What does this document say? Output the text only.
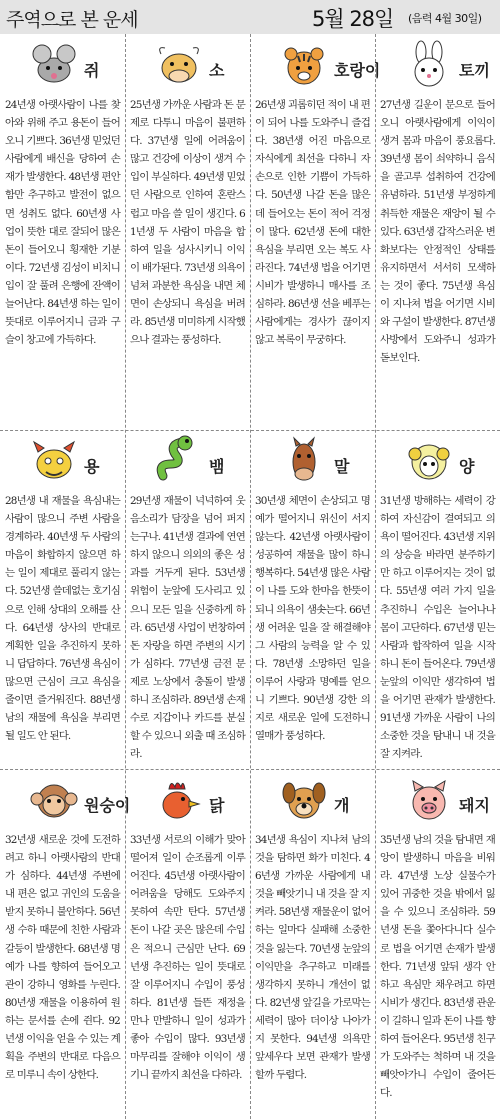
주역으로 본 운세	5월 28일 (음력 4월 30일)
쥐

24년생 아랫사람이 나를 찾아와 위해 주고 용돈이 들어오니 기쁘다. 36년생 믿었던 사람에게 배신을 당하여 손재가 발생한다. 48년생 편안함만 추구하고 발전이 없으면 성취도 없다. 60년생 사업이 뜻한 대로 잘되어 많은 돈이 들어오니 횡재한 기분이다. 72년생 김성이 비치니 입이 잘 풀려 은행에 잔액이 늘어난다. 84년생 하는 일이 뜻대로 이루어지니 금과 구슬이 창고에 가득하다.

소

25년생 가까운 사람과 돈 문제로 다투니 마음이 불편하다. 37년생 일에 어려움이 많고 건강에 이상이 생겨 수입이 부실하다. 49년생 믿었던 사람으로 인하여 혼란스럽고 마음 쓸 일이 생긴다. 61년생 두 사람이 마음을 합하여 일을 성사시키니 이익이 배가된다. 73년생 의욕이 넘쳐 과분한 욕심을 내면 체면이 손상되니 욕심을 버려라. 85년생 미미하게 시작했으나 결과는 풍성하다.

호랑이

26년생 괴롭히던 적이 내 편이 되어 나를 도와주니 즐겁다. 38년생 어진 마음으로 자식에게 최선을 다하니 자손으로 인한 기쁨이 가득하다. 50년생 나갈 돈을 많은데 들어오는 돈이 적어 걱정이 많다. 62년생 돈에 대한 욕심을 부리면 오는 복도 사라진다. 74년생 법을 어기면 시비가 발생하니 매사를 조심하라. 86년생 선을 베푸는 사람에게는 경사가 끊이지 않고 복록이 무궁하다.

토끼

27년생 길운이 문으로 들어오니 아랫사람에게 이익이 생겨 몸과 마음이 풍요롭다. 39년생 몸이 쇠약하니 음식을 골고루 섭취하여 건강에 유념하라. 51년생 부정하게 취득한 재물은 재앙이 될 수 있다. 63년생 갑작스러운 변화보다는 안정적인 상태를 유지하면서 서서히 모색하는 것이 좋다. 75년생 욕심이 지나쳐 법을 어기면 시비와 구설이 발생한다. 87년생 사방에서 도와주니 성과가 돋보인다.

용

28년생 내 재물을 욕심내는 사람이 많으니 주변 사람을 경계하라. 40년생 두 사람의 마음이 화합하지 않으면 하는 일이 제대로 풀리지 않는다. 52년생 쓸데없는 호기심으로 인해 상대의 오해를 산다. 64년생 상사의 반대로 계획한 일을 추진하지 못하니 답답하다. 76년생 욕심이 많으면 근심이 크고 욕심을 줄이면 즐거워진다. 88년생 남의 재물에 욕심을 부리면 될 일도 안 된다.

뱀

29년생 재물이 넉넉하여 웃음소리가 담장을 넘어 퍼지는구나. 41년생 결과에 연연하지 않으니 의외의 좋은 성과를 거두게 된다. 53년생 위험이 눈앞에 도사리고 있으니 모든 일을 신중하게 하라. 65년생 사업이 번창하여 돈 자랑을 하면 주변의 시기가 심하다. 77년생 금전 문제로 노상에서 충돌이 발생하니 조심하라. 89년생 손재수로 지갑이나 카드를 분실할 수 있으니 외출 때 조심하라.

말

30년생 체면이 손상되고 명예가 떨어지니 위신이 서지 않는다. 42년생 아랫사람이 성공하여 재물을 많이 하니 행복하다. 54년생 많은 사람이 나를 도와 한마음 한뜻이 되니 의욕이 샘솟는다. 66년생 어려운 일을 잘 해결해야 그 사람의 능력을 알 수 있다. 78년생 소망하던 일을 이루어 사랑과 명예를 얻으니 기쁘다. 90년생 강한 의지로 새로운 일에 도전하니 열매가 풍성하다.

양

31년생 방해하는 세력이 강하여 자신감이 결여되고 의욕이 떨어진다. 43년생 지위의 상승을 바라면 분주하기만 하고 이루어지는 것이 없다. 55년생 여러 가지 일을 추진하니 수입은 늘어나나 몸이 고단하다. 67년생 믿는 사람과 합작하여 일을 시작하니 돈이 들어온다. 79년생 눈앞의 이익만 생각하여 법을 어기면 관재가 발생한다. 91년생 가까운 사람이 나의 소중한 것을 탐내니 내 것을 잘 지켜라.

원숭이

32년생 새로운 것에 도전하려고 하니 아랫사람의 반대가 심하다. 44년생 주변에 내 편은 없고 귀인의 도움을 받지 못하니 불안하다. 56년생 수하 때문에 친한 사람과 갈등이 발생한다. 68년생 명예가 나를 향하여 들어오고 관이 강하니 영화를 누린다. 80년생 재물을 이용하여 원하는 문서를 손에 쥔다. 92년생 이익을 얻을 수 있는 계획을 주변의 반대로 다음으로 미루니 속이 상한다.

닭

33년생 서로의 이해가 맞아떨어져 일이 순조롭게 이루어진다. 45년생 아랫사람이 어려움을 당해도 도와주지 못하여 속만 탄다. 57년생 돈이 나갈 곳은 많은데 수입은 적으니 근심만 난다. 69년생 추진하는 일이 뜻대로 잘 이루어지니 수입이 풍성하다. 81년생 들뜬 재정을 만나 만발하니 일이 성과가 좋아 수입이 많다. 93년생 마무리를 잘해야 이익이 생기니 끝까지 최선을 다하라.

개

34년생 욕심이 지나쳐 남의 것을 탐하면 화가 미친다. 46년생 가까운 사람에게 내 것을 빼앗기니 내 것을 잘 지켜라. 58년생 재물운이 없어 하는 일마다 실패해 소중한 것을 잃는다. 70년생 눈앞의 이익만을 추구하고 미래를 생각하지 못하니 개선이 없다. 82년생 앞길을 가로막는 세력이 많아 더이상 나아가지 못한다. 94년생 의욕만 앞세우다 보면 관재가 발생할까 두렵다.

돼지

35년생 남의 것을 탐내면 재앙이 발생하니 마음을 비워라. 47년생 노상 실물수가 있어 귀중한 것을 밖에서 잃을 수 있으니 조심하라. 59년생 돈을 쫓아다니다 실수로 법을 어기면 손재가 발생한다. 71년생 앞뒤 생각 안 하고 욕심만 채우려고 하면 시비가 생긴다. 83년생 관운이 길하니 일과 돈이 나를 향하여 들어온다. 95년생 친구가 도와주는 척하며 내 것을 빼앗아가니 수입이 줄어든다.
